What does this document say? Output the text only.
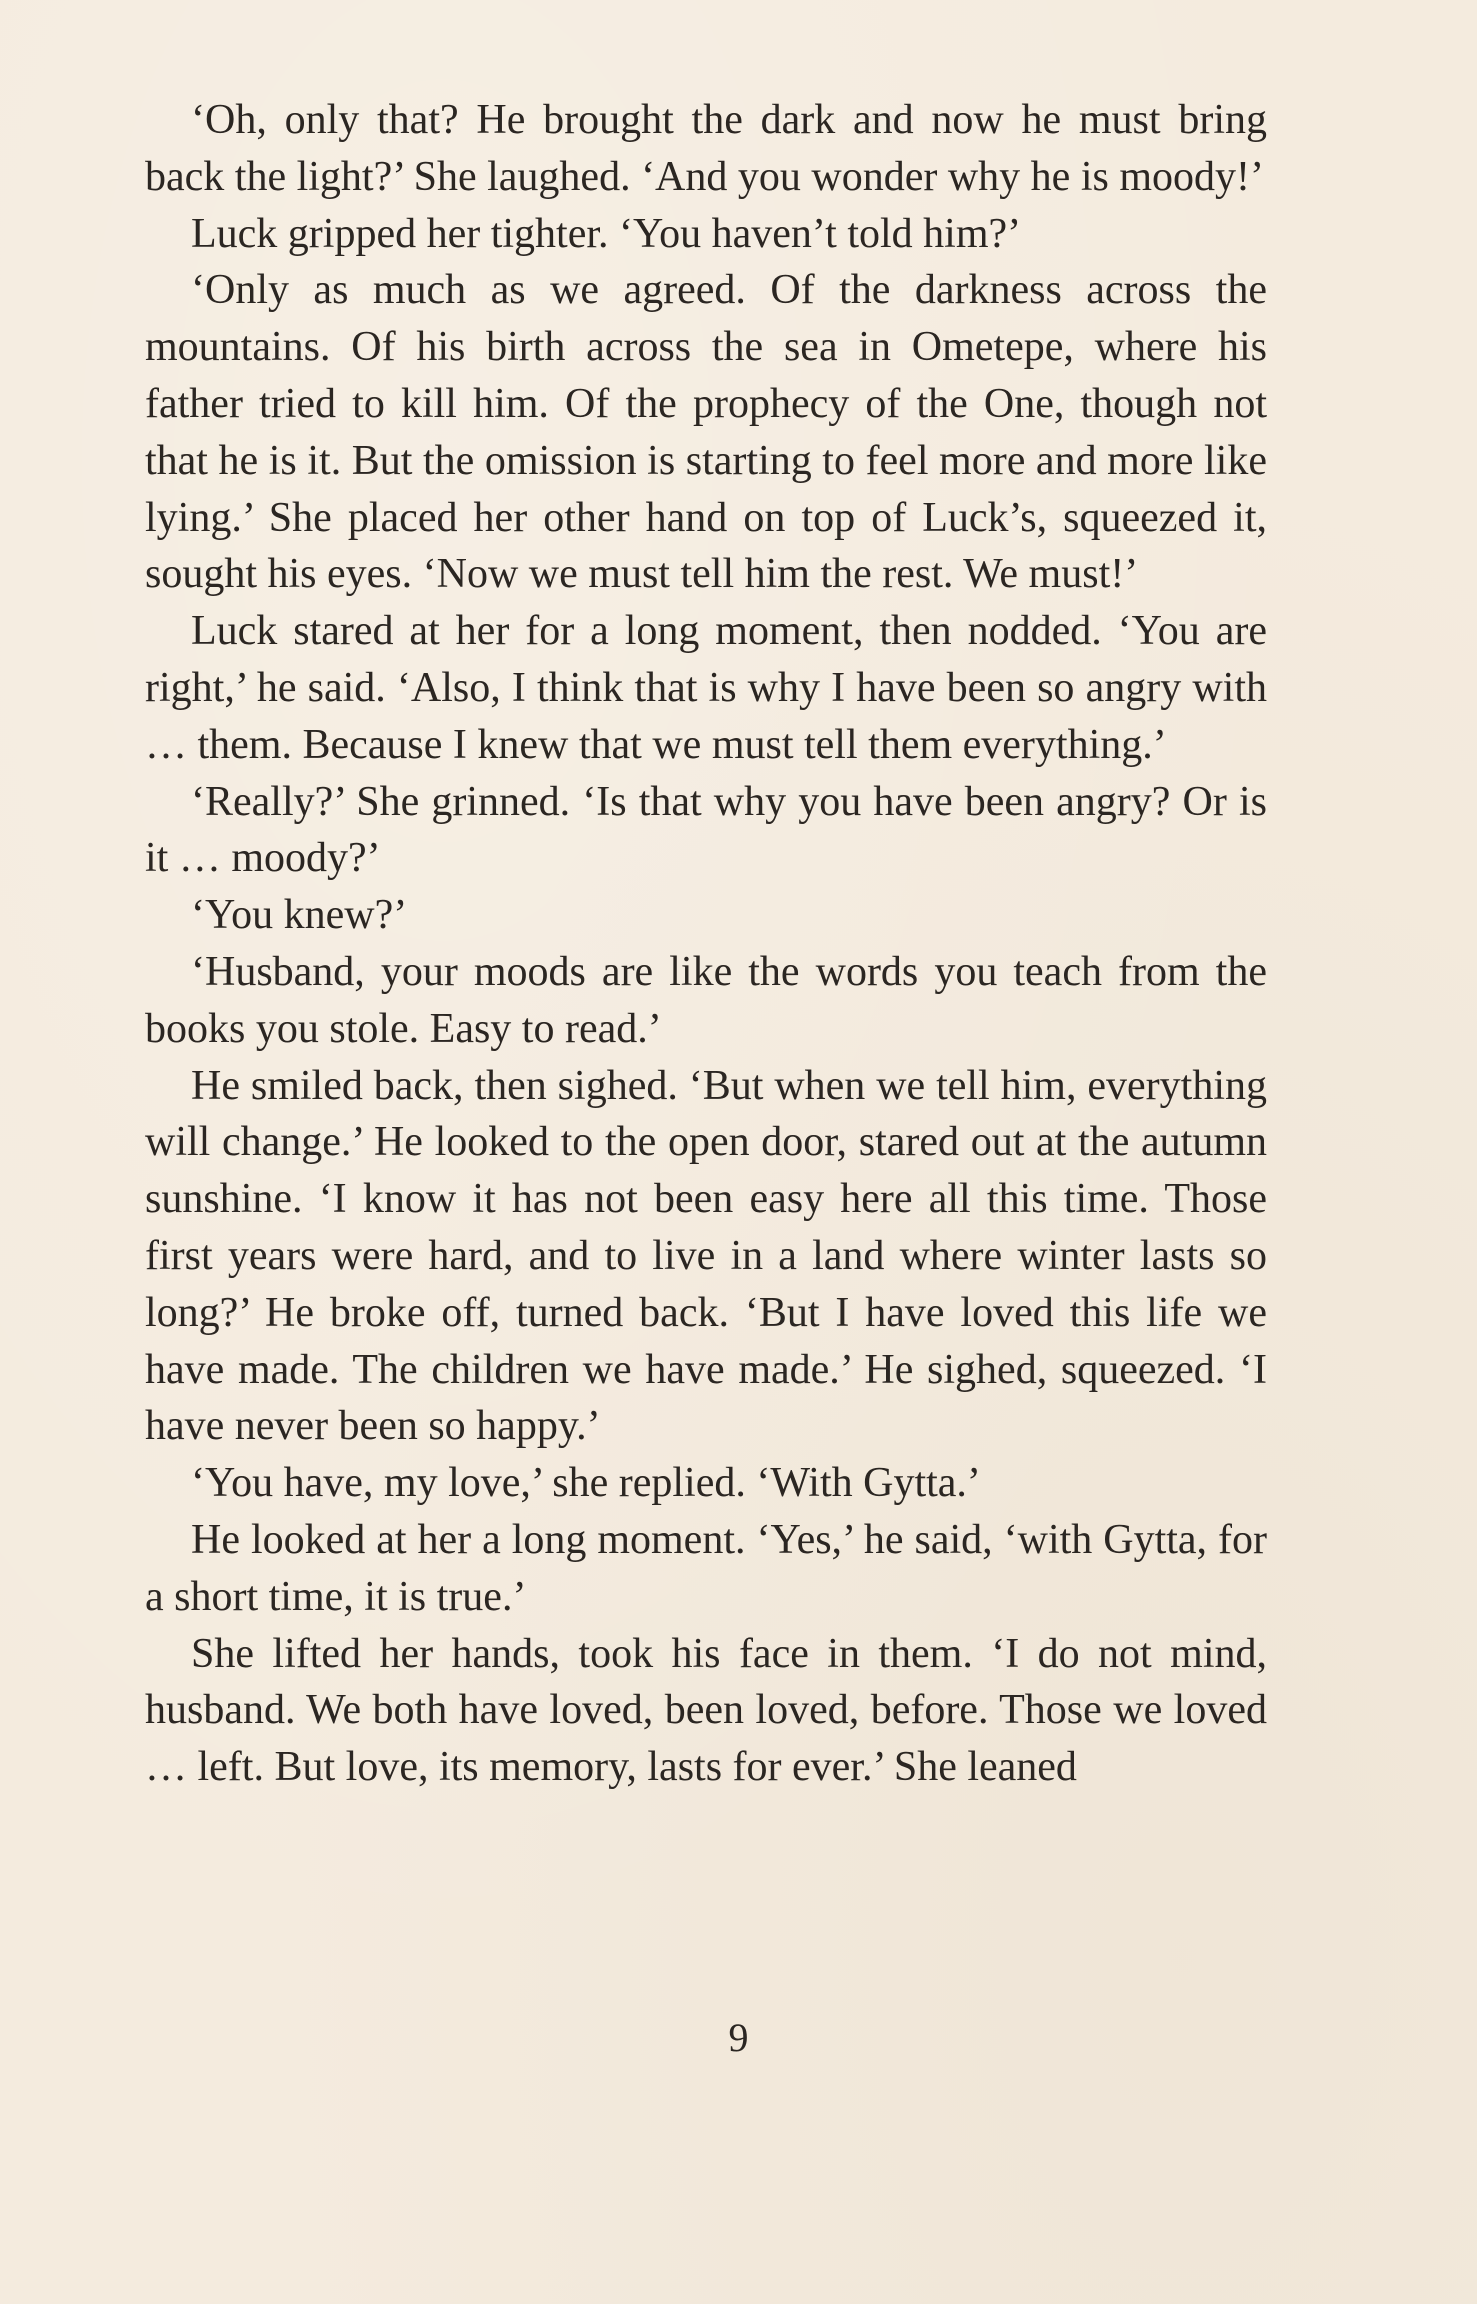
‘Oh, only that? He brought the dark and now he must bring back the light?’ She laughed. ‘And you wonder why he is moody!’

Luck gripped her tighter. ‘You haven’t told him?’

‘Only as much as we agreed. Of the darkness across the mountains. Of his birth across the sea in Ometepe, where his father tried to kill him. Of the prophecy of the One, though not that he is it. But the omission is starting to feel more and more like lying.’ She placed her other hand on top of Luck’s, squeezed it, sought his eyes. ‘Now we must tell him the rest. We must!’

Luck stared at her for a long moment, then nodded. ‘You are right,’ he said. ‘Also, I think that is why I have been so angry with … them. Because I knew that we must tell them everything.’

‘Really?’ She grinned. ‘Is that why you have been angry? Or is it … moody?’

‘You knew?’

‘Husband, your moods are like the words you teach from the books you stole. Easy to read.’

He smiled back, then sighed. ‘But when we tell him, everything will change.’ He looked to the open door, stared out at the autumn sunshine. ‘I know it has not been easy here all this time. Those first years were hard, and to live in a land where winter lasts so long?’ He broke off, turned back. ‘But I have loved this life we have made. The children we have made.’ He sighed, squeezed. ‘I have never been so happy.’

‘You have, my love,’ she replied. ‘With Gytta.’

He looked at her a long moment. ‘Yes,’ he said, ‘with Gytta, for a short time, it is true.’

She lifted her hands, took his face in them. ‘I do not mind, husband. We both have loved, been loved, before. Those we loved … left. But love, its memory, lasts for ever.’ She leaned

9
